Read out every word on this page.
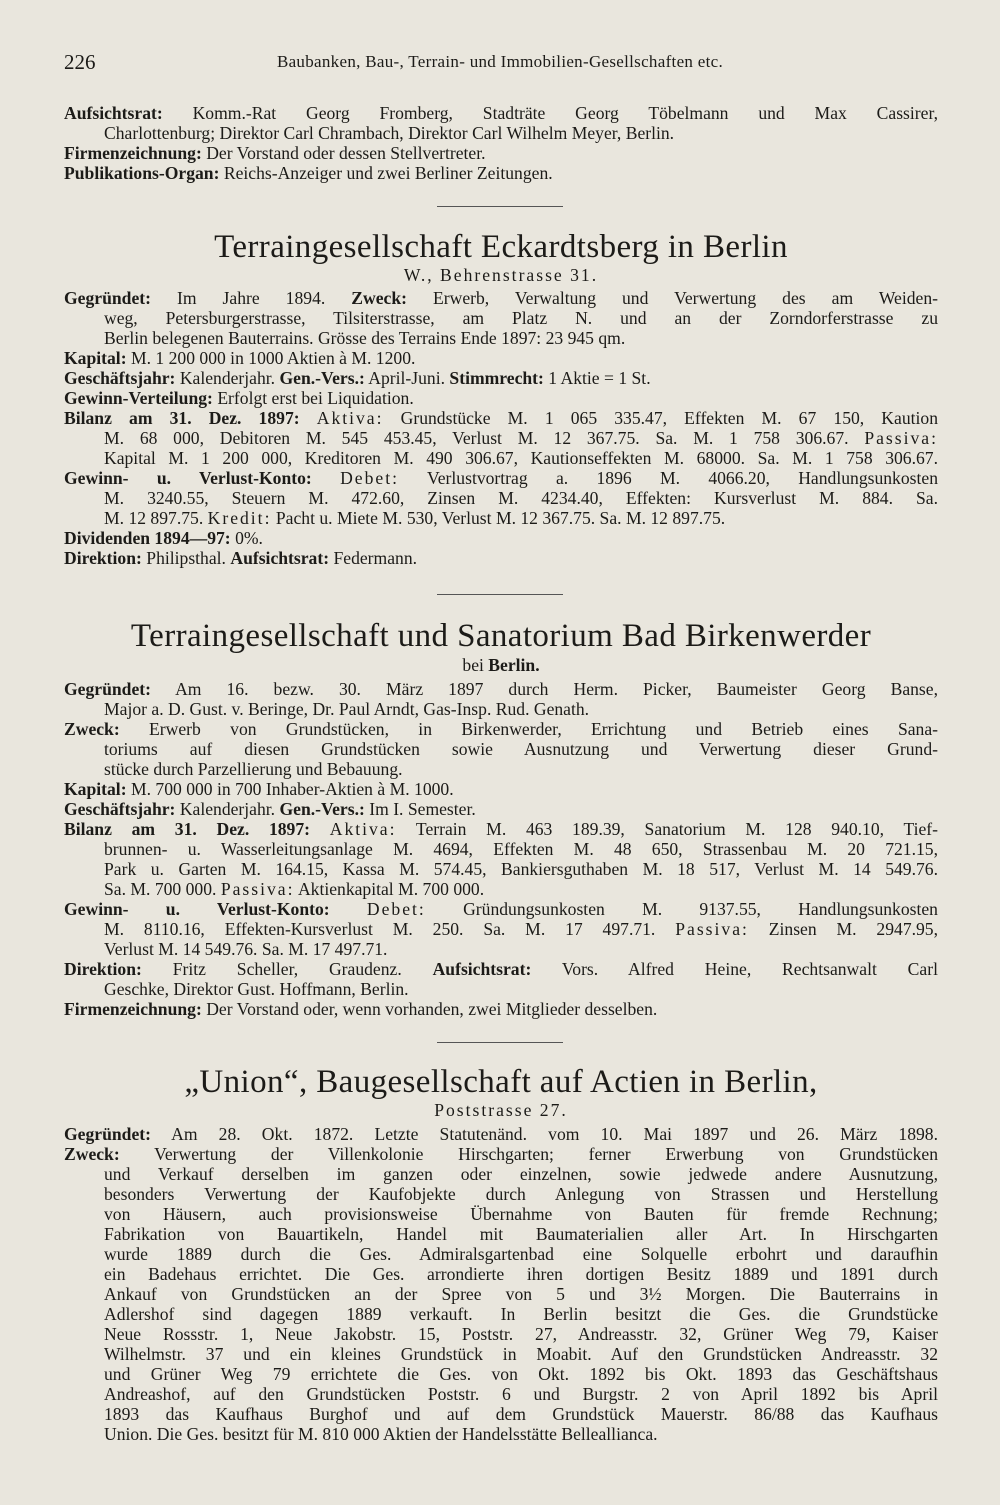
226	Baubanken, Bau-, Terrain- und Immobilien-Gesellschaften etc.
Aufsichtsrat: Komm.-Rat Georg Fromberg, Stadträte Georg Töbelmann und Max Cassirer,
Charlottenburg; Direktor Carl Chrambach, Direktor Carl Wilhelm Meyer, Berlin.
Firmenzeichnung: Der Vorstand oder dessen Stellvertreter.
Publikations-Organ: Reichs-Anzeiger und zwei Berliner Zeitungen.
Terraingesellschaft Eckardtsberg in Berlin
W., Behrenstrasse 31.
Gegründet: Im Jahre 1894. Zweck: Erwerb, Verwaltung und Verwertung des am Weiden-
weg, Petersburgerstrasse, Tilsiterstrasse, am Platz N. und an der Zorndorferstrasse zu
Berlin belegenen Bauterrains. Grösse des Terrains Ende 1897: 23 945 qm.
Kapital: M. 1 200 000 in 1000 Aktien à M. 1200.
Geschäftsjahr: Kalenderjahr. Gen.-Vers.: April-Juni. Stimmrecht: 1 Aktie = 1 St.
Gewinn-Verteilung: Erfolgt erst bei Liquidation.
Bilanz am 31. Dez. 1897: Aktiva: Grundstücke M. 1 065 335.47, Effekten M. 67 150, Kaution
M. 68 000, Debitoren M. 545 453.45, Verlust M. 12 367.75. Sa. M. 1 758 306.67. Passiva:
Kapital M. 1 200 000, Kreditoren M. 490 306.67, Kautionseffekten M. 68000. Sa. M. 1 758 306.67.
Gewinn- u. Verlust-Konto: Debet: Verlustvortrag a. 1896 M. 4066.20, Handlungsunkosten
M. 3240.55, Steuern M. 472.60, Zinsen M. 4234.40, Effekten: Kursverlust M. 884. Sa.
M. 12 897.75. Kredit: Pacht u. Miete M. 530, Verlust M. 12 367.75. Sa. M. 12 897.75.
Dividenden 1894—97: 0%.
Direktion: Philipsthal. Aufsichtsrat: Federmann.
Terraingesellschaft und Sanatorium Bad Birkenwerder
bei Berlin.
Gegründet: Am 16. bezw. 30. März 1897 durch Herm. Picker, Baumeister Georg Banse,
Major a. D. Gust. v. Beringe, Dr. Paul Arndt, Gas-Insp. Rud. Genath.
Zweck: Erwerb von Grundstücken, in Birkenwerder, Errichtung und Betrieb eines Sana-
toriums auf diesen Grundstücken sowie Ausnutzung und Verwertung dieser Grund-
stücke durch Parzellierung und Bebauung.
Kapital: M. 700 000 in 700 Inhaber-Aktien à M. 1000.
Geschäftsjahr: Kalenderjahr. Gen.-Vers.: Im I. Semester.
Bilanz am 31. Dez. 1897: Aktiva: Terrain M. 463 189.39, Sanatorium M. 128 940.10, Tief-
brunnen- u. Wasserleitungsanlage M. 4694, Effekten M. 48 650, Strassenbau M. 20 721.15,
Park u. Garten M. 164.15, Kassa M. 574.45, Bankiersguthaben M. 18 517, Verlust M. 14 549.76.
Sa. M. 700 000. Passiva: Aktienkapital M. 700 000.
Gewinn- u. Verlust-Konto: Debet: Gründungsunkosten M. 9137.55, Handlungsunkosten
M. 8110.16, Effekten-Kursverlust M. 250. Sa. M. 17 497.71. Passiva: Zinsen M. 2947.95,
Verlust M. 14 549.76. Sa. M. 17 497.71.
Direktion: Fritz Scheller, Graudenz. Aufsichtsrat: Vors. Alfred Heine, Rechtsanwalt Carl
Geschke, Direktor Gust. Hoffmann, Berlin.
Firmenzeichnung: Der Vorstand oder, wenn vorhanden, zwei Mitglieder desselben.
„Union“, Baugesellschaft auf Actien in Berlin,
Poststrasse 27.
Gegründet: Am 28. Okt. 1872. Letzte Statutenänd. vom 10. Mai 1897 und 26. März 1898.
Zweck: Verwertung der Villenkolonie Hirschgarten; ferner Erwerbung von Grundstücken
und Verkauf derselben im ganzen oder einzelnen, sowie jedwede andere Ausnutzung,
besonders Verwertung der Kaufobjekte durch Anlegung von Strassen und Herstellung
von Häusern, auch provisionsweise Übernahme von Bauten für fremde Rechnung;
Fabrikation von Bauartikeln, Handel mit Baumaterialien aller Art. In Hirschgarten
wurde 1889 durch die Ges. Admiralsgartenbad eine Solquelle erbohrt und daraufhin
ein Badehaus errichtet. Die Ges. arrondierte ihren dortigen Besitz 1889 und 1891 durch
Ankauf von Grundstücken an der Spree von 5 und 3½ Morgen. Die Bauterrains in
Adlershof sind dagegen 1889 verkauft. In Berlin besitzt die Ges. die Grundstücke
Neue Rossstr. 1, Neue Jakobstr. 15, Poststr. 27, Andreasstr. 32, Grüner Weg 79, Kaiser
Wilhelmstr. 37 und ein kleines Grundstück in Moabit. Auf den Grundstücken Andreasstr. 32
und Grüner Weg 79 errichtete die Ges. von Okt. 1892 bis Okt. 1893 das Geschäftshaus
Andreashof, auf den Grundstücken Poststr. 6 und Burgstr. 2 von April 1892 bis April
1893 das Kaufhaus Burghof und auf dem Grundstück Mauerstr. 86/88 das Kaufhaus
Union. Die Ges. besitzt für M. 810 000 Aktien der Handelsstätte Belleallianca.
